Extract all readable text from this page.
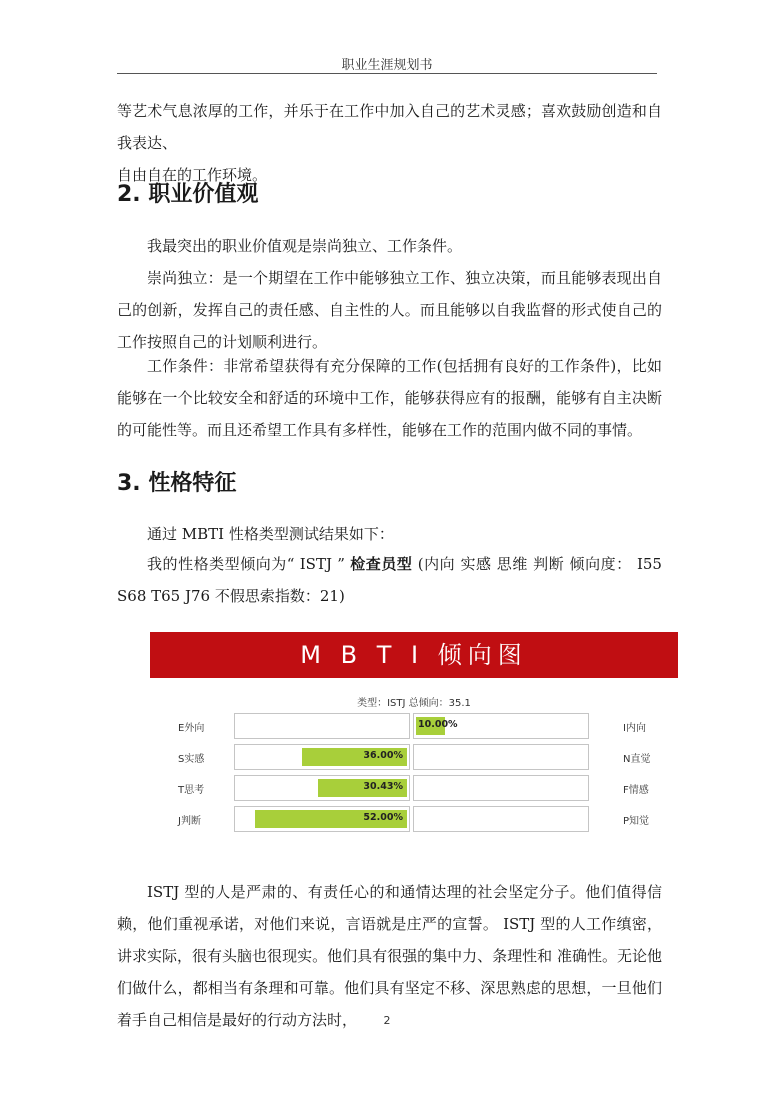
职业生涯规划书
等艺术气息浓厚的工作，并乐于在工作中加入自己的艺术灵感；喜欢鼓励创造和自我表达、
自由自在的工作环境。
2. 职业价值观
我最突出的职业价值观是崇尚独立、工作条件。
崇尚独立：是一个期望在工作中能够独立工作、独立决策，而且能够表现出自己的创新，发挥自己的责任感、自主性的人。而且能够以自我监督的形式使自己的工作按照自己的计划顺利进行。
工作条件：非常希望获得有充分保障的工作(包括拥有良好的工作条件)，比如能够在一个比较安全和舒适的环境中工作，能够获得应有的报酬，能够有自主决断的可能性等。而且还希望工作具有多样性，能够在工作的范围内做不同的事情。
3. 性格特征
通过 MBTI 性格类型测试结果如下：
我的性格类型倾向为“ ISTJ ” 检查员型 (内向 实感 思维 判断 倾向度： I55 S68 T65 J76 不假思索指数：21)
M B T I 倾向图
类型：ISTJ 总倾向：35.1
E外向	10.00%	I内向
S实感	36.00%	N直觉
T思考	30.43%	F情感
J判断	52.00%	P知觉
ISTJ 型的人是严肃的、有责任心的和通情达理的社会坚定分子。他们值得信赖，他们重视承诺，对他们来说，言语就是庄严的宣誓。 ISTJ 型的人工作缜密，讲求实际，很有头脑也很现实。他们具有很强的集中力、条理性和 准确性。无论他们做什么，都相当有条理和可靠。他们具有坚定不移、深思熟虑的思想，一旦他们着手自己相信是最好的行动方法时，	2
